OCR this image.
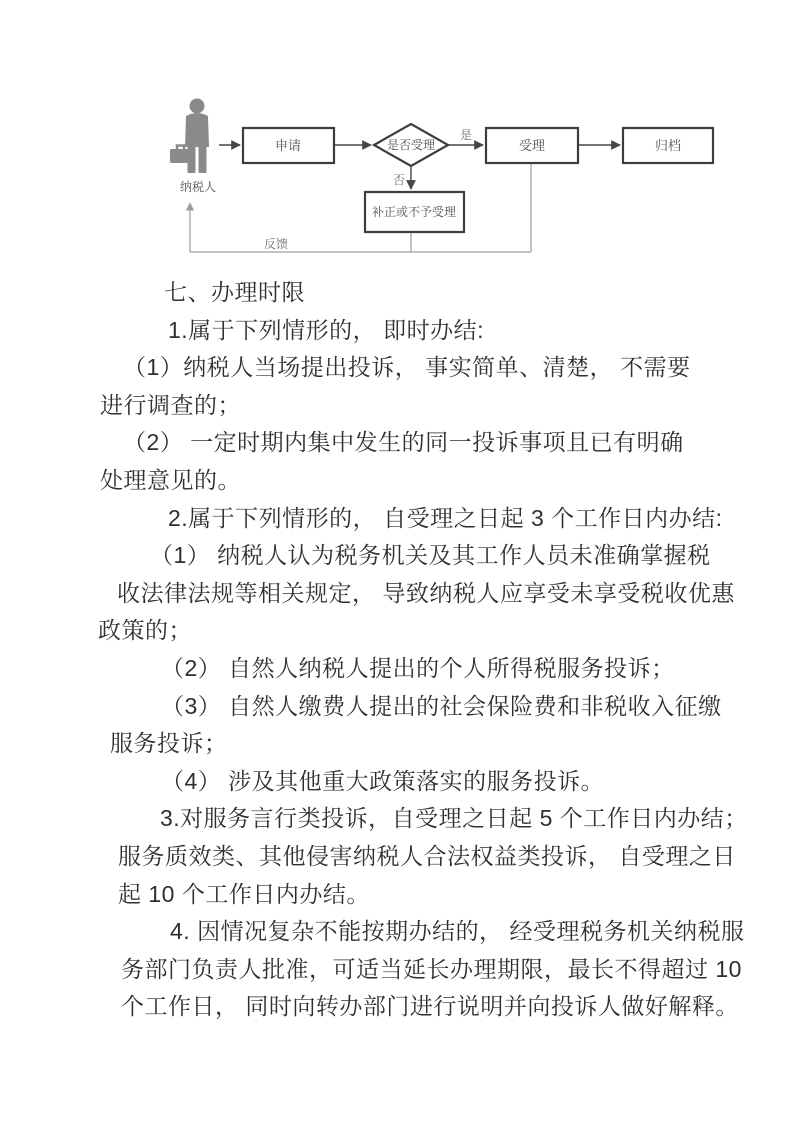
纳税人
申请	是否受理	受理	归档
补正或不予受理
是
否
反馈
七、办理时限
1.属于下列情形的， 即时办结:
（1）纳税人当场提出投诉， 事实简单、清楚， 不需要
进行调查的；
（2） 一定时期内集中发生的同一投诉事项且已有明确
处理意见的。
2.属于下列情形的， 自受理之日起 3 个工作日内办结:
（1） 纳税人认为税务机关及其工作人员未准确掌握税
收法律法规等相关规定， 导致纳税人应享受未享受税收优惠
政策的；
（2） 自然人纳税人提出的个人所得税服务投诉；
（3） 自然人缴费人提出的社会保险费和非税收入征缴
服务投诉；
（4） 涉及其他重大政策落实的服务投诉。
3.对服务言行类投诉，自受理之日起 5 个工作日内办结；
服务质效类、其他侵害纳税人合法权益类投诉， 自受理之日
起 10 个工作日内办结。
4. 因情况复杂不能按期办结的， 经受理税务机关纳税服
务部门负责人批准，可适当延长办理期限，最长不得超过 10
个工作日， 同时向转办部门进行说明并向投诉人做好解释。
